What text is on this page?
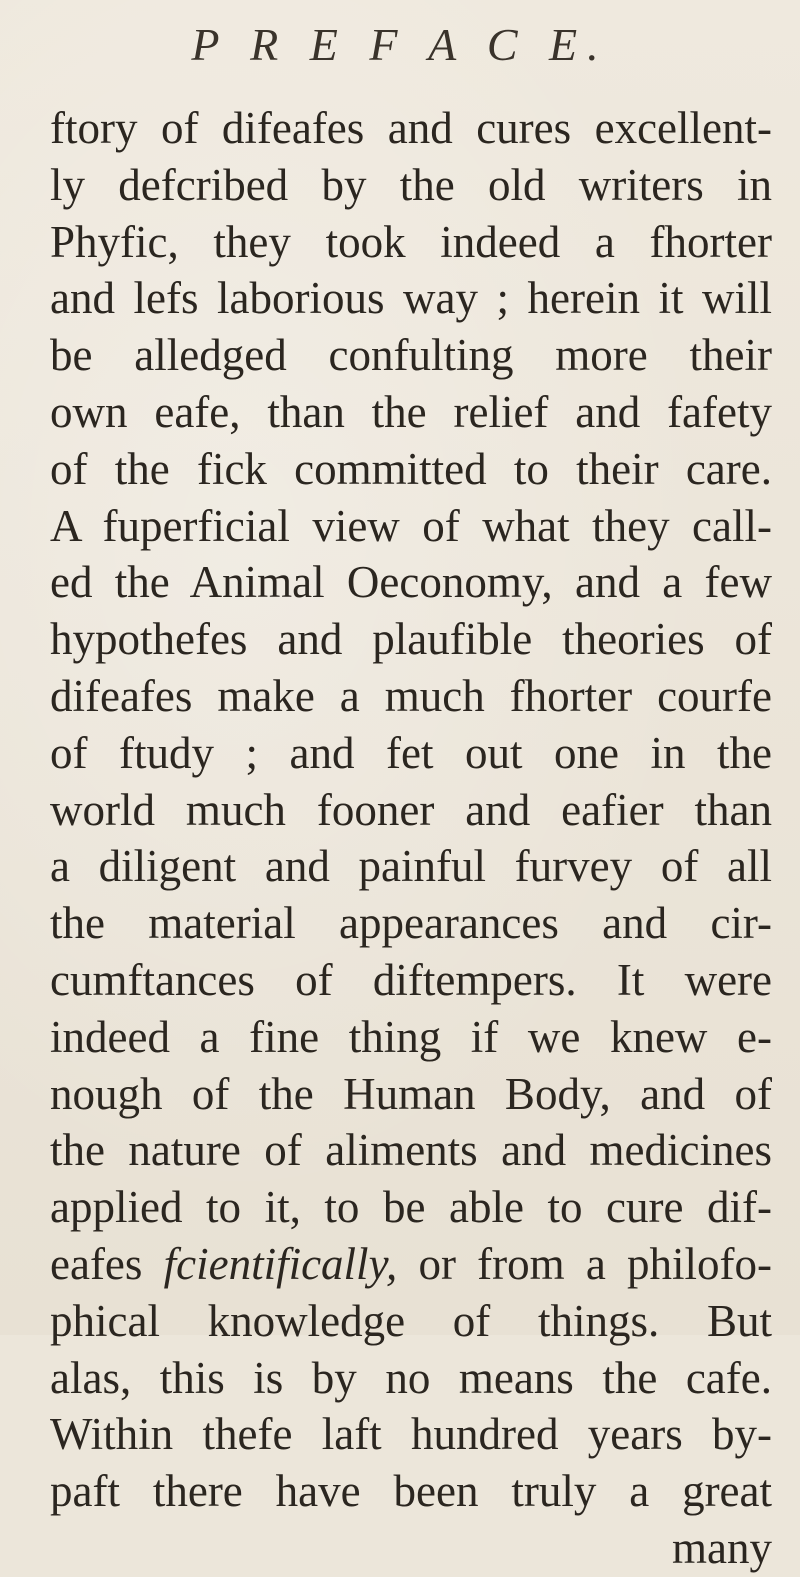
P R E F A C E.
ftory of difeafes and cures excellent-
ly defcribed by the old writers in
Phyfic, they took indeed a fhorter
and lefs laborious way ; herein it will
be alledged confulting more their
own eafe, than the relief and fafety
of the fick committed to their care.
A fuperficial view of what they call-
ed the Animal Oeconomy, and a few
hypothefes and plaufible theories of
difeafes make a much fhorter courfe
of ftudy ; and fet out one in the
world much fooner and eafier than
a diligent and painful furvey of all
the material appearances and cir-
cumftances of diftempers. It were
indeed a fine thing if we knew e-
nough of the Human Body, and of
the nature of aliments and medicines
applied to it, to be able to cure dif-
eafes fcientifically, or from a philofo-
phical knowledge of things. But
alas, this is by no means the cafe.
Within thefe laft hundred years by-
paft there have been truly a great
many
